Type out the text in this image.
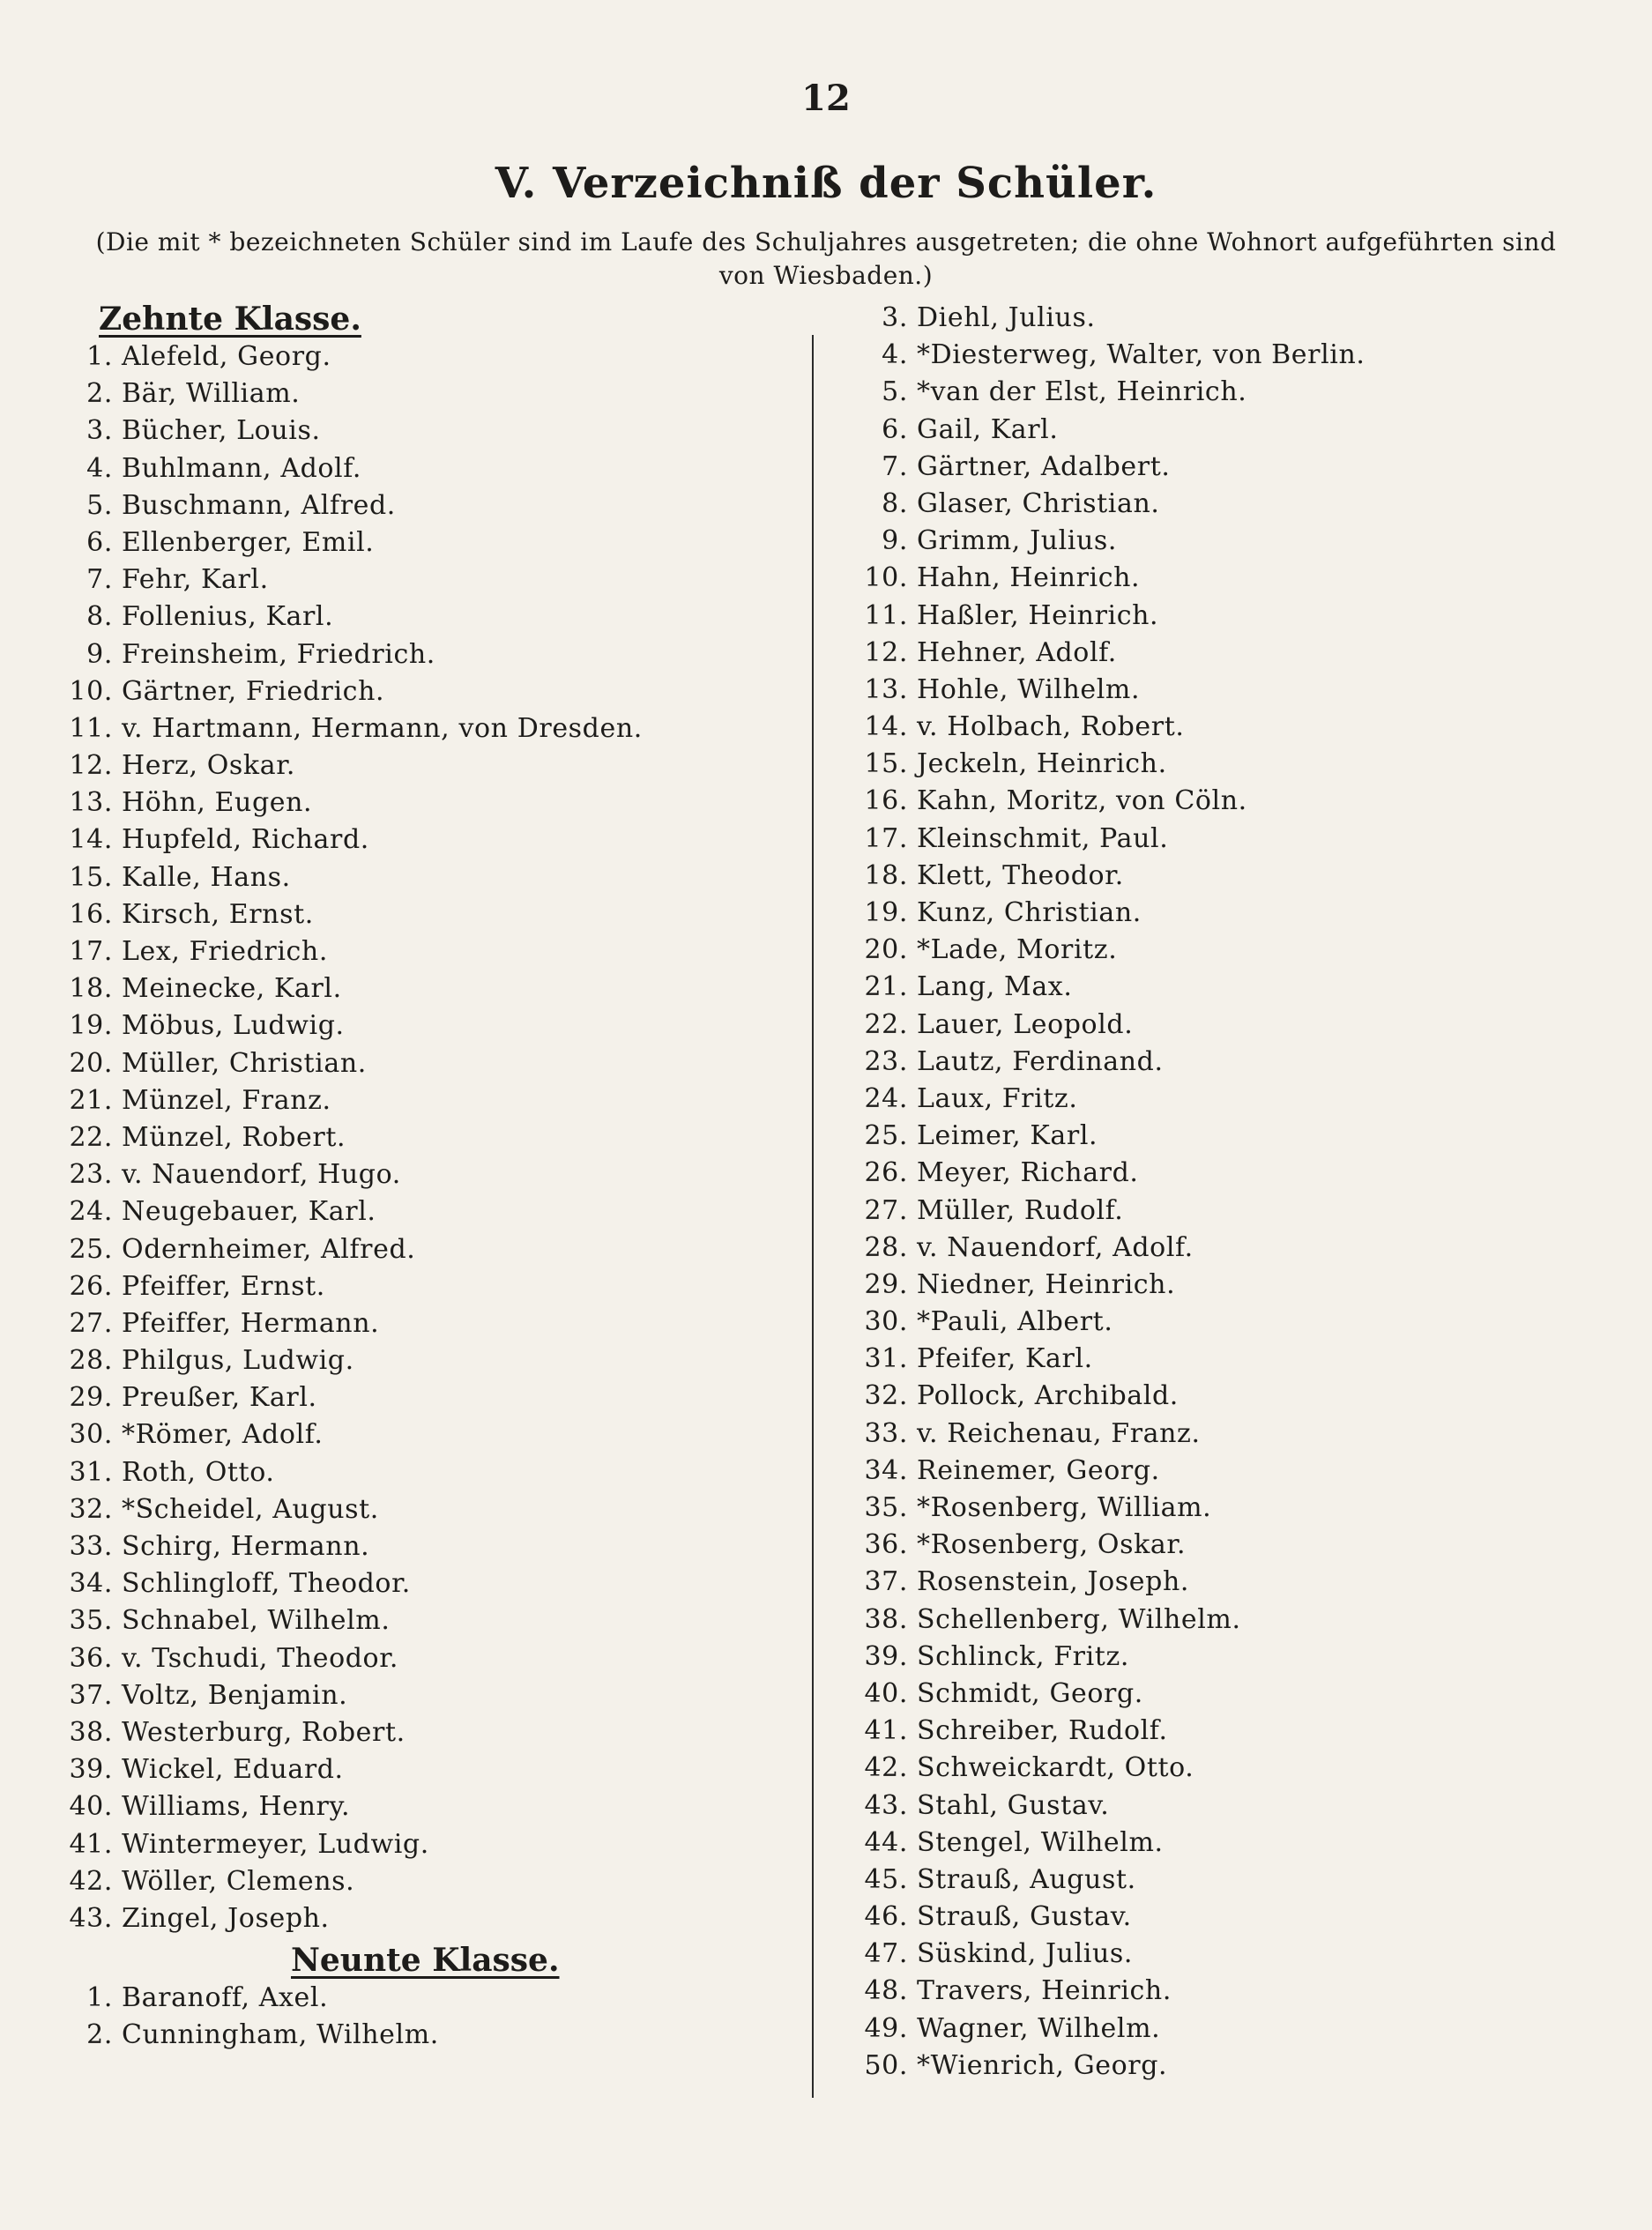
12
V. Verzeichniß der Schüler.
(Die mit * bezeichneten Schüler sind im Laufe des Schuljahres ausgetreten; die ohne Wohnort aufgeführten sind
von Wiesbaden.)
Zehnte Klasse.
1. Alefeld, Georg.
2. Bär, William.
3. Bücher, Louis.
4. Buhlmann, Adolf.
5. Buschmann, Alfred.
6. Ellenberger, Emil.
7. Fehr, Karl.
8. Follenius, Karl.
9. Freinsheim, Friedrich.
10. Gärtner, Friedrich.
11. v. Hartmann, Hermann, von Dresden.
12. Herz, Oskar.
13. Höhn, Eugen.
14. Hupfeld, Richard.
15. Kalle, Hans.
16. Kirsch, Ernst.
17. Lex, Friedrich.
18. Meinecke, Karl.
19. Möbus, Ludwig.
20. Müller, Christian.
21. Münzel, Franz.
22. Münzel, Robert.
23. v. Nauendorf, Hugo.
24. Neugebauer, Karl.
25. Odernheimer, Alfred.
26. Pfeiffer, Ernst.
27. Pfeiffer, Hermann.
28. Philgus, Ludwig.
29. Preußer, Karl.
30. *Römer, Adolf.
31. Roth, Otto.
32. *Scheidel, August.
33. Schirg, Hermann.
34. Schlingloff, Theodor.
35. Schnabel, Wilhelm.
36. v. Tschudi, Theodor.
37. Voltz, Benjamin.
38. Westerburg, Robert.
39. Wickel, Eduard.
40. Williams, Henry.
41. Wintermeyer, Ludwig.
42. Wöller, Clemens.
43. Zingel, Joseph.
Neunte Klasse.
1. Baranoff, Axel.
2. Cunningham, Wilhelm.
3. Diehl, Julius.
4. *Diesterweg, Walter, von Berlin.
5. *van der Elst, Heinrich.
6. Gail, Karl.
7. Gärtner, Adalbert.
8. Glaser, Christian.
9. Grimm, Julius.
10. Hahn, Heinrich.
11. Haßler, Heinrich.
12. Hehner, Adolf.
13. Hohle, Wilhelm.
14. v. Holbach, Robert.
15. Jeckeln, Heinrich.
16. Kahn, Moritz, von Cöln.
17. Kleinschmit, Paul.
18. Klett, Theodor.
19. Kunz, Christian.
20. *Lade, Moritz.
21. Lang, Max.
22. Lauer, Leopold.
23. Lautz, Ferdinand.
24. Laux, Fritz.
25. Leimer, Karl.
26. Meyer, Richard.
27. Müller, Rudolf.
28. v. Nauendorf, Adolf.
29. Niedner, Heinrich.
30. *Pauli, Albert.
31. Pfeifer, Karl.
32. Pollock, Archibald.
33. v. Reichenau, Franz.
34. Reinemer, Georg.
35. *Rosenberg, William.
36. *Rosenberg, Oskar.
37. Rosenstein, Joseph.
38. Schellenberg, Wilhelm.
39. Schlinck, Fritz.
40. Schmidt, Georg.
41. Schreiber, Rudolf.
42. Schweickardt, Otto.
43. Stahl, Gustav.
44. Stengel, Wilhelm.
45. Strauß, August.
46. Strauß, Gustav.
47. Süskind, Julius.
48. Travers, Heinrich.
49. Wagner, Wilhelm.
50. *Wienrich, Georg.
